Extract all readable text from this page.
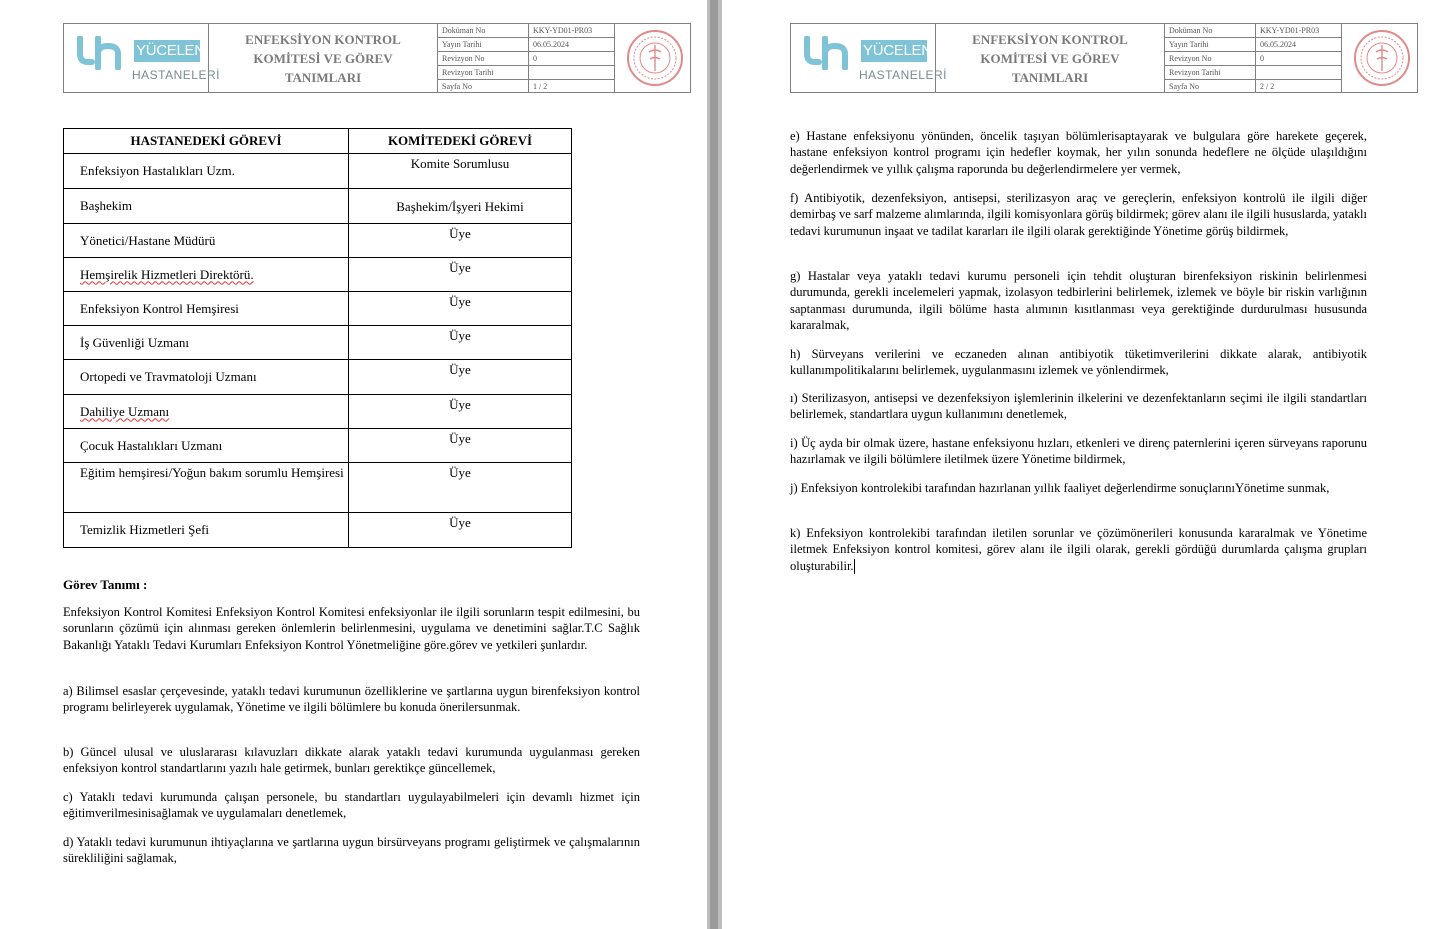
YÜCELEN
HASTANELERİ
ENFEKSİYON KONTROL
KOMİTESİ VE GÖREV
TANIMLARI
Doküman No	KKY-YD01-PR03
Yayın Tarihi	06.05.2024
Revizyon No	0
Revizyon Tarihi
Sayfa No	1 / 2
HASTANEDEKİ GÖREVİ	KOMİTEDEKİ GÖREVİ
Enfeksiyon Hastalıkları Uzm.	Komite Sorumlusu
Başhekim	Başhekim/İşyeri Hekimi
Yönetici/Hastane Müdürü	Üye
Hemşirelik Hizmetleri Direktörü.	Üye
Enfeksiyon Kontrol Hemşiresi	Üye
İş Güvenliği Uzmanı	Üye
Ortopedi ve Travmatoloji Uzmanı	Üye
Dahiliye Uzmanı	Üye
Çocuk Hastalıkları Uzmanı	Üye
Eğitim hemşiresi/Yoğun bakım sorumlu Hemşiresi	Üye
Temizlik Hizmetleri Şefi	Üye
Görev Tanımı :

Enfeksiyon Kontrol Komitesi Enfeksiyon Kontrol Komitesi enfeksiyonlar ile ilgili sorunların tespit edilmesini, bu sorunların çözümü için alınması gereken önlemlerin belirlenmesini, uygulama ve denetimini sağlar.T.C Sağlık Bakanlığı Yataklı Tedavi Kurumları Enfeksiyon Kontrol Yönetmeliğine göre.görev ve yetkileri şunlardır.

a) Bilimsel esaslar çerçevesinde, yataklı tedavi kurumunun özelliklerine ve şartlarına uygun birenfeksiyon kontrol programı belirleyerek uygulamak, Yönetime ve ilgili bölümlere bu konuda önerilersunmak.

b) Güncel ulusal ve uluslararası kılavuzları dikkate alarak yataklı tedavi kurumunda uygulanması gereken enfeksiyon kontrol standartlarını yazılı hale getirmek, bunları gerektikçe güncellemek,

c) Yataklı tedavi kurumunda çalışan personele, bu standartları uygulayabilmeleri için devamlı hizmet için eğitimverilmesinisağlamak ve uygulamaları denetlemek,

d) Yataklı tedavi kurumunun ihtiyaçlarına ve şartlarına uygun birsürveyans programı geliştirmek ve çalışmalarının sürekliliğini sağlamak,

YÜCELEN
HASTANELERİ
ENFEKSİYON KONTROL
KOMİTESİ VE GÖREV
TANIMLARI
Doküman No	KKY-YD01-PR03
Yayın Tarihi	06.05.2024
Revizyon No	0
Revizyon Tarihi
Sayfa No	2 / 2

e) Hastane enfeksiyonu yönünden, öncelik taşıyan bölümlerisaptayarak ve bulgulara göre harekete geçerek, hastane enfeksiyon kontrol programı için hedefler koymak, her yılın sonunda hedeflere ne ölçüde ulaşıldığını değerlendirmek ve yıllık çalışma raporunda bu değerlendirmelere yer vermek,

f) Antibiyotik, dezenfeksiyon, antisepsi, sterilizasyon araç ve gereçlerin, enfeksiyon kontrolü ile ilgili diğer demirbaş ve sarf malzeme alımlarında, ilgili komisyonlara görüş bildirmek; görev alanı ile ilgili hususlarda, yataklı tedavi kurumunun inşaat ve tadilat kararları ile ilgili olarak gerektiğinde Yönetime görüş bildirmek,

g) Hastalar veya yataklı tedavi kurumu personeli için tehdit oluşturan birenfeksiyon riskinin belirlenmesi durumunda, gerekli incelemeleri yapmak, izolasyon tedbirlerini belirlemek, izlemek ve böyle bir riskin varlığının saptanması durumunda, ilgili bölüme hasta alımının kısıtlanması veya gerektiğinde durdurulması hususunda kararalmak,

h) Sürveyans verilerini ve eczaneden alınan antibiyotik tüketimverilerini dikkate alarak, antibiyotik kullanımpolitikalarını belirlemek, uygulanmasını izlemek ve yönlendirmek,

ı) Sterilizasyon, antisepsi ve dezenfeksiyon işlemlerinin ilkelerini ve dezenfektanların seçimi ile ilgili standartları belirlemek, standartlara uygun kullanımını denetlemek,

i) Üç ayda bir olmak üzere, hastane enfeksiyonu hızları, etkenleri ve direnç paternlerini içeren sürveyans raporunu hazırlamak ve ilgili bölümlere iletilmek üzere Yönetime bildirmek,

j) Enfeksiyon kontrolekibi tarafından hazırlanan yıllık faaliyet değerlendirme sonuçlarınıYönetime sunmak,

k) Enfeksiyon kontrolekibi tarafından iletilen sorunlar ve çözümönerileri konusunda kararalmak ve Yönetime iletmek Enfeksiyon kontrol komitesi, görev alanı ile ilgili olarak, gerekli gördüğü durumlarda çalışma grupları oluşturabilir.
